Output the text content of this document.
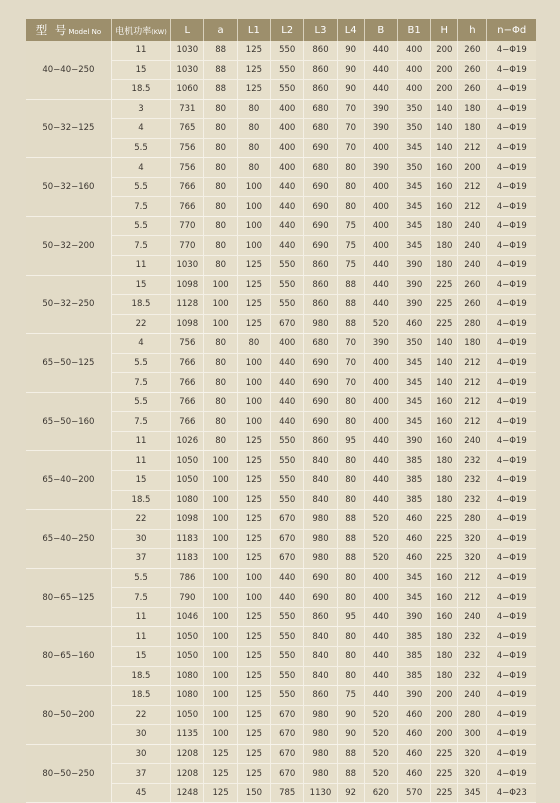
型 号Model No	电机功率(KW)	L	a	L1	L2	L3	L4	B	B1	H	h	n−Φd
40−40−250	11	1030	88	125	550	860	90	440	400	200	260	4−Φ19
	15	1030	88	125	550	860	90	440	400	200	260	4−Φ19
	18.5	1060	88	125	550	860	90	440	400	200	260	4−Φ19
50−32−125	3	731	80	80	400	680	70	390	350	140	180	4−Φ19
	4	765	80	80	400	680	70	390	350	140	180	4−Φ19
	5.5	756	80	80	400	690	70	400	345	140	212	4−Φ19
50−32−160	4	756	80	80	400	680	80	390	350	160	200	4−Φ19
	5.5	766	80	100	440	690	80	400	345	160	212	4−Φ19
	7.5	766	80	100	440	690	80	400	345	160	212	4−Φ19
50−32−200	5.5	770	80	100	440	690	75	400	345	180	240	4−Φ19
	7.5	770	80	100	440	690	75	400	345	180	240	4−Φ19
	11	1030	80	125	550	860	75	440	390	180	240	4−Φ19
50−32−250	15	1098	100	125	550	860	88	440	390	225	260	4−Φ19
	18.5	1128	100	125	550	860	88	440	390	225	260	4−Φ19
	22	1098	100	125	670	980	88	520	460	225	280	4−Φ19
65−50−125	4	756	80	80	400	680	70	390	350	140	180	4−Φ19
	5.5	766	80	100	440	690	70	400	345	140	212	4−Φ19
	7.5	766	80	100	440	690	70	400	345	140	212	4−Φ19
65−50−160	5.5	766	80	100	440	690	80	400	345	160	212	4−Φ19
	7.5	766	80	100	440	690	80	400	345	160	212	4−Φ19
	11	1026	80	125	550	860	95	440	390	160	240	4−Φ19
65−40−200	11	1050	100	125	550	840	80	440	385	180	232	4−Φ19
	15	1050	100	125	550	840	80	440	385	180	232	4−Φ19
	18.5	1080	100	125	550	840	80	440	385	180	232	4−Φ19
65−40−250	22	1098	100	125	670	980	88	520	460	225	280	4−Φ19
	30	1183	100	125	670	980	88	520	460	225	320	4−Φ19
	37	1183	100	125	670	980	88	520	460	225	320	4−Φ19
80−65−125	5.5	786	100	100	440	690	80	400	345	160	212	4−Φ19
	7.5	790	100	100	440	690	80	400	345	160	212	4−Φ19
	11	1046	100	125	550	860	95	440	390	160	240	4−Φ19
80−65−160	11	1050	100	125	550	840	80	440	385	180	232	4−Φ19
	15	1050	100	125	550	840	80	440	385	180	232	4−Φ19
	18.5	1080	100	125	550	840	80	440	385	180	232	4−Φ19
80−50−200	18.5	1080	100	125	550	860	75	440	390	200	240	4−Φ19
	22	1050	100	125	670	980	90	520	460	200	280	4−Φ19
	30	1135	100	125	670	980	90	520	460	200	300	4−Φ19
80−50−250	30	1208	125	125	670	980	88	520	460	225	320	4−Φ19
	37	1208	125	125	670	980	88	520	460	225	320	4−Φ19
	45	1248	125	150	785	1130	92	620	570	225	345	4−Φ23
